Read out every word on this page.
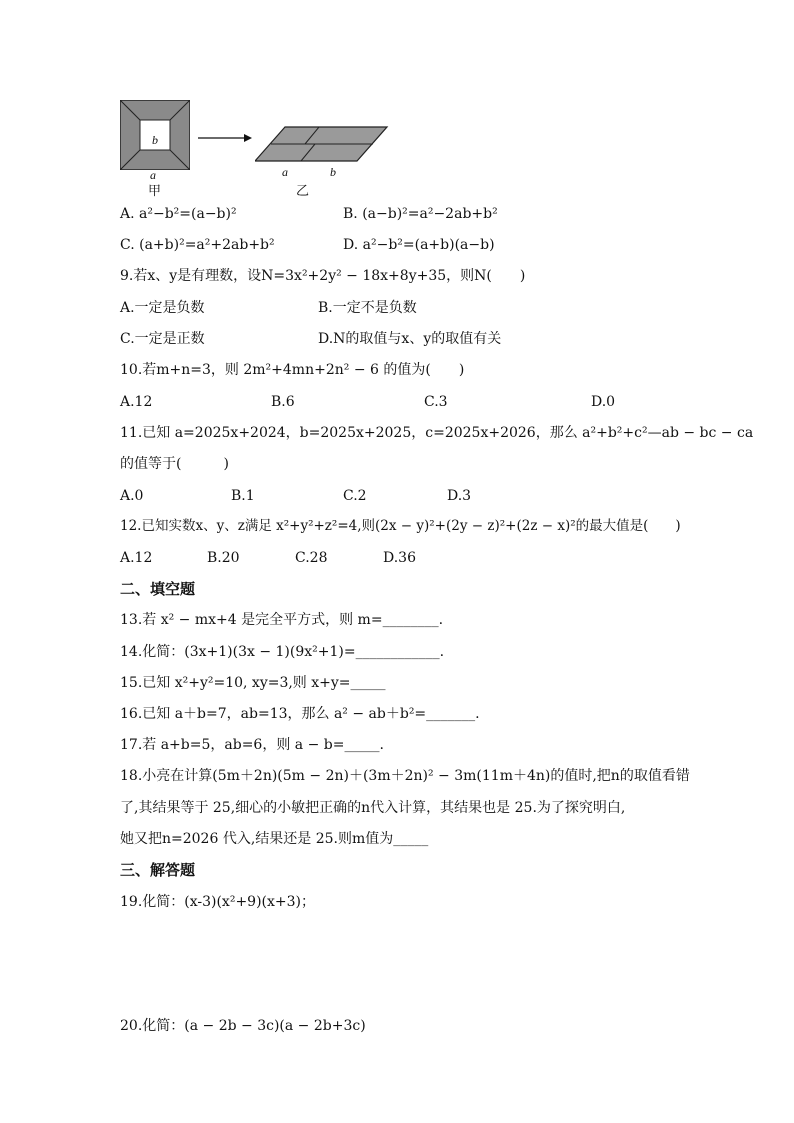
b
a
甲
a	b
乙
A. a²−b²=(a−b)²	B. (a−b)²=a²−2ab+b²
C. (a+b)²=a²+2ab+b²	D. a²−b²=(a+b)(a−b)
9.若x、y是有理数，设N=3x²+2y² − 18x+8y+35，则N(　　)
A.一定是负数	B.一定不是负数
C.一定是正数	D.N的取值与x、y的取值有关
10.若m+n=3，则 2m²+4mn+2n² − 6 的值为(　　)
A.12	B.6	C.3	D.0
11.已知 a=2025x+2024，b=2025x+2025，c=2025x+2026，那么 a²+b²+c²—ab − bc − ca
的值等于(　　　)
A.0	B.1	C.2	D.3
12.已知实数x、y、z满足 x²+y²+z²=4,则(2x − y)²+(2y − z)²+(2z − x)²的最大值是(　　)
A.12	B.20	C.28	D.36
二、填空题
13.若 x² − mx+4 是完全平方式，则 m=________.
14.化简：(3x+1)(3x − 1)(9x²+1)=____________.
15.已知 x²+y²=10, xy=3,则 x+y=_____
16.已知 a＋b=7，ab=13，那么 a² − ab＋b²=_______.
17.若 a+b=5，ab=6，则 a − b=_____.
18.小亮在计算(5m＋2n)(5m − 2n)＋(3m＋2n)² − 3m(11m＋4n)的值时,把n的取值看错
了,其结果等于 25,细心的小敏把正确的n代入计算，其结果也是 25.为了探究明白,
她又把n=2026 代入,结果还是 25.则m值为_____
三、解答题
19.化简：(x-3)(x²+9)(x+3)；
20.化简：(a − 2b − 3c)(a − 2b+3c)
